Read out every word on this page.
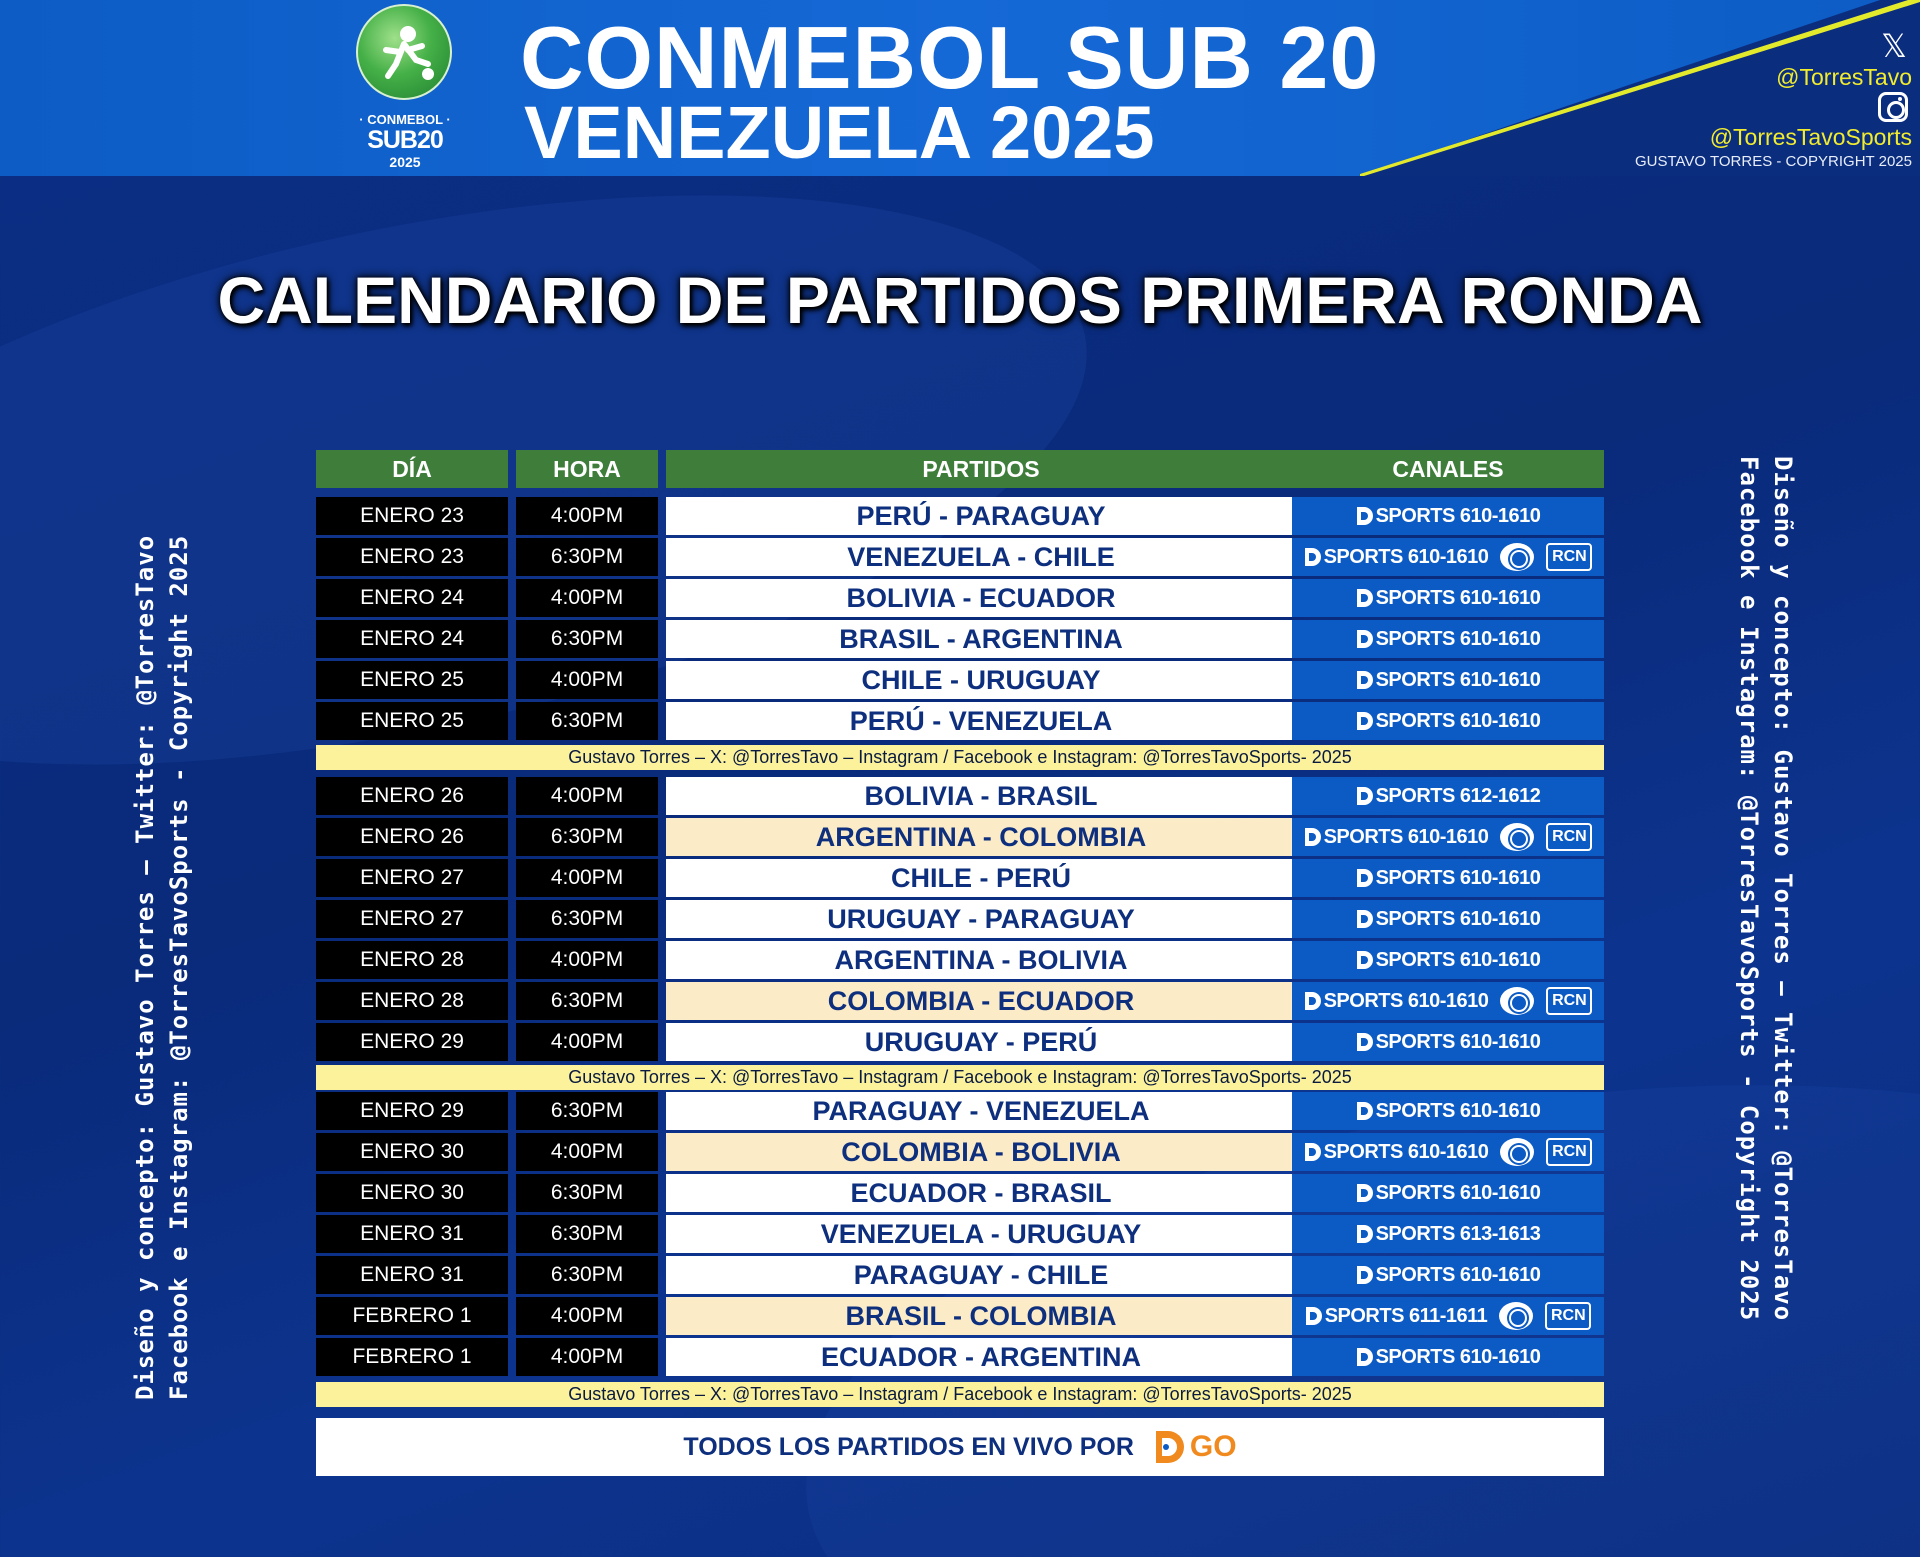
· CONMEBOL ·
SUB20
2025
CONMEBOL SUB 20
VENEZUELA 2025
𝕏
@TorresTavo
@TorresTavoSports
GUSTAVO TORRES - COPYRIGHT 2025
CALENDARIO DE PARTIDOS PRIMERA RONDA
Diseño y concepto: Gustavo Torres – Twitter: @TorresTavo Facebook e Instagram: @TorresTavoSports - Copyright 2025	Diseño y concepto: Gustavo Torres – Twitter: @TorresTavo
Facebook e Instagram: @TorresTavoSports - Copyright 2025
DÍA	HORA	PARTIDOS	CANALES
ENERO 23	4:00PM	PERÚ - PARAGUAY	SPORTS 610-1610
ENERO 23	6:30PM	VENEZUELA - CHILE	SPORTS 610-1610	RCN
ENERO 24	4:00PM	BOLIVIA - ECUADOR	SPORTS 610-1610
ENERO 24	6:30PM	BRASIL - ARGENTINA	SPORTS 610-1610
ENERO 25	4:00PM	CHILE - URUGUAY	SPORTS 610-1610
ENERO 25	6:30PM	PERÚ - VENEZUELA	SPORTS 610-1610
ENERO 26	4:00PM	BOLIVIA - BRASIL	SPORTS 612-1612
ENERO 26	6:30PM	ARGENTINA - COLOMBIA	SPORTS 610-1610	RCN
ENERO 27	4:00PM	CHILE - PERÚ	SPORTS 610-1610
ENERO 27	6:30PM	URUGUAY - PARAGUAY	SPORTS 610-1610
ENERO 28	4:00PM	ARGENTINA - BOLIVIA	SPORTS 610-1610
ENERO 28	6:30PM	COLOMBIA - ECUADOR	SPORTS 610-1610	RCN
ENERO 29	4:00PM	URUGUAY - PERÚ	SPORTS 610-1610
ENERO 29	6:30PM	PARAGUAY - VENEZUELA	SPORTS 610-1610
ENERO 30	4:00PM	COLOMBIA - BOLIVIA	SPORTS 610-1610	RCN
ENERO 30	6:30PM	ECUADOR - BRASIL	SPORTS 610-1610
ENERO 31	6:30PM	VENEZUELA - URUGUAY	SPORTS 613-1613
ENERO 31	6:30PM	PARAGUAY - CHILE	SPORTS 610-1610
FEBRERO 1	4:00PM	BRASIL - COLOMBIA	SPORTS 611-1611	RCN
FEBRERO 1	4:00PM	ECUADOR - ARGENTINA	SPORTS 610-1610
Gustavo Torres – X: @TorresTavo – Instagram / Facebook e Instagram: @TorresTavoSports- 2025
Gustavo Torres – X: @TorresTavo – Instagram / Facebook e Instagram: @TorresTavoSports- 2025
Gustavo Torres – X: @TorresTavo – Instagram / Facebook e Instagram: @TorresTavoSports- 2025
TODOS LOS PARTIDOS EN VIVO POR GO
